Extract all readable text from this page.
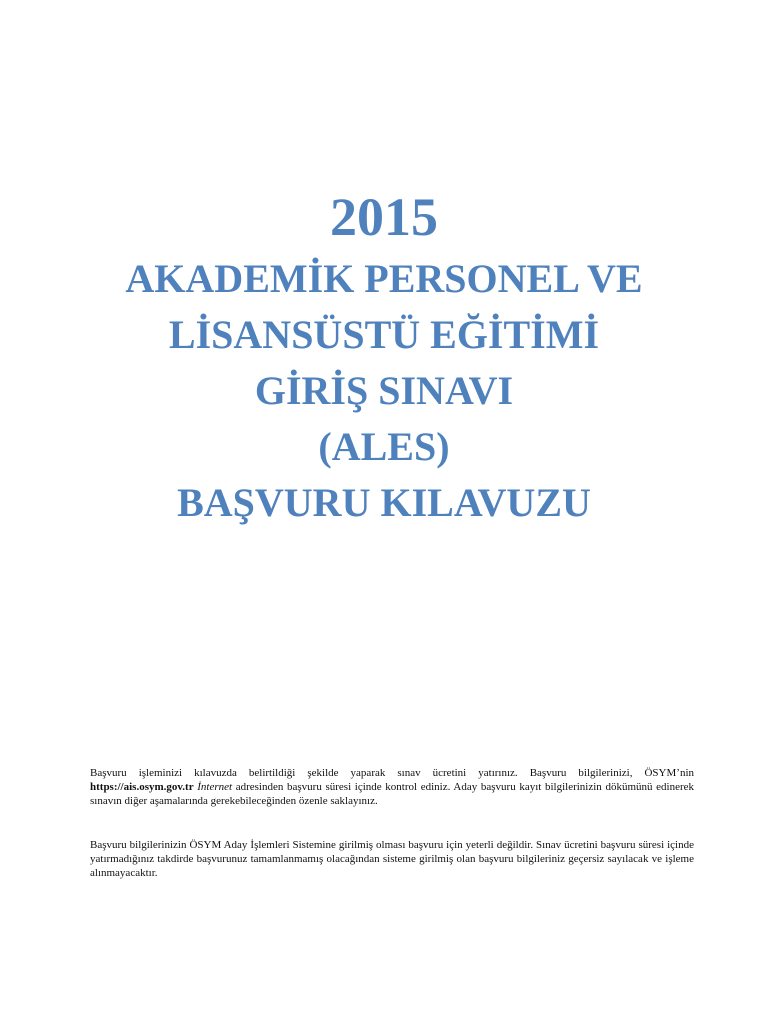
2015

AKADEMİK PERSONEL VE

LİSANSÜSTÜ EĞİTİMİ

GİRİŞ SINAVI

(ALES)

BAŞVURU KILAVUZU

Başvuru işleminizi kılavuzda belirtildiği şekilde yaparak sınav ücretini yatırınız. Başvuru bilgilerinizi, ÖSYM’nin https://ais.osym.gov.tr İnternet adresinden başvuru süresi içinde kontrol ediniz. Aday başvuru kayıt bilgilerinizin dökümünü edinerek sınavın diğer aşamalarında gerekebileceğinden özenle saklayınız.

Başvuru bilgilerinizin ÖSYM Aday İşlemleri Sistemine girilmiş olması başvuru için yeterli değildir. Sınav ücretini başvuru süresi içinde yatırmadığınız takdirde başvurunuz tamamlanmamış olacağından sisteme girilmiş olan başvuru bilgileriniz geçersiz sayılacak ve işleme alınmayacaktır.
